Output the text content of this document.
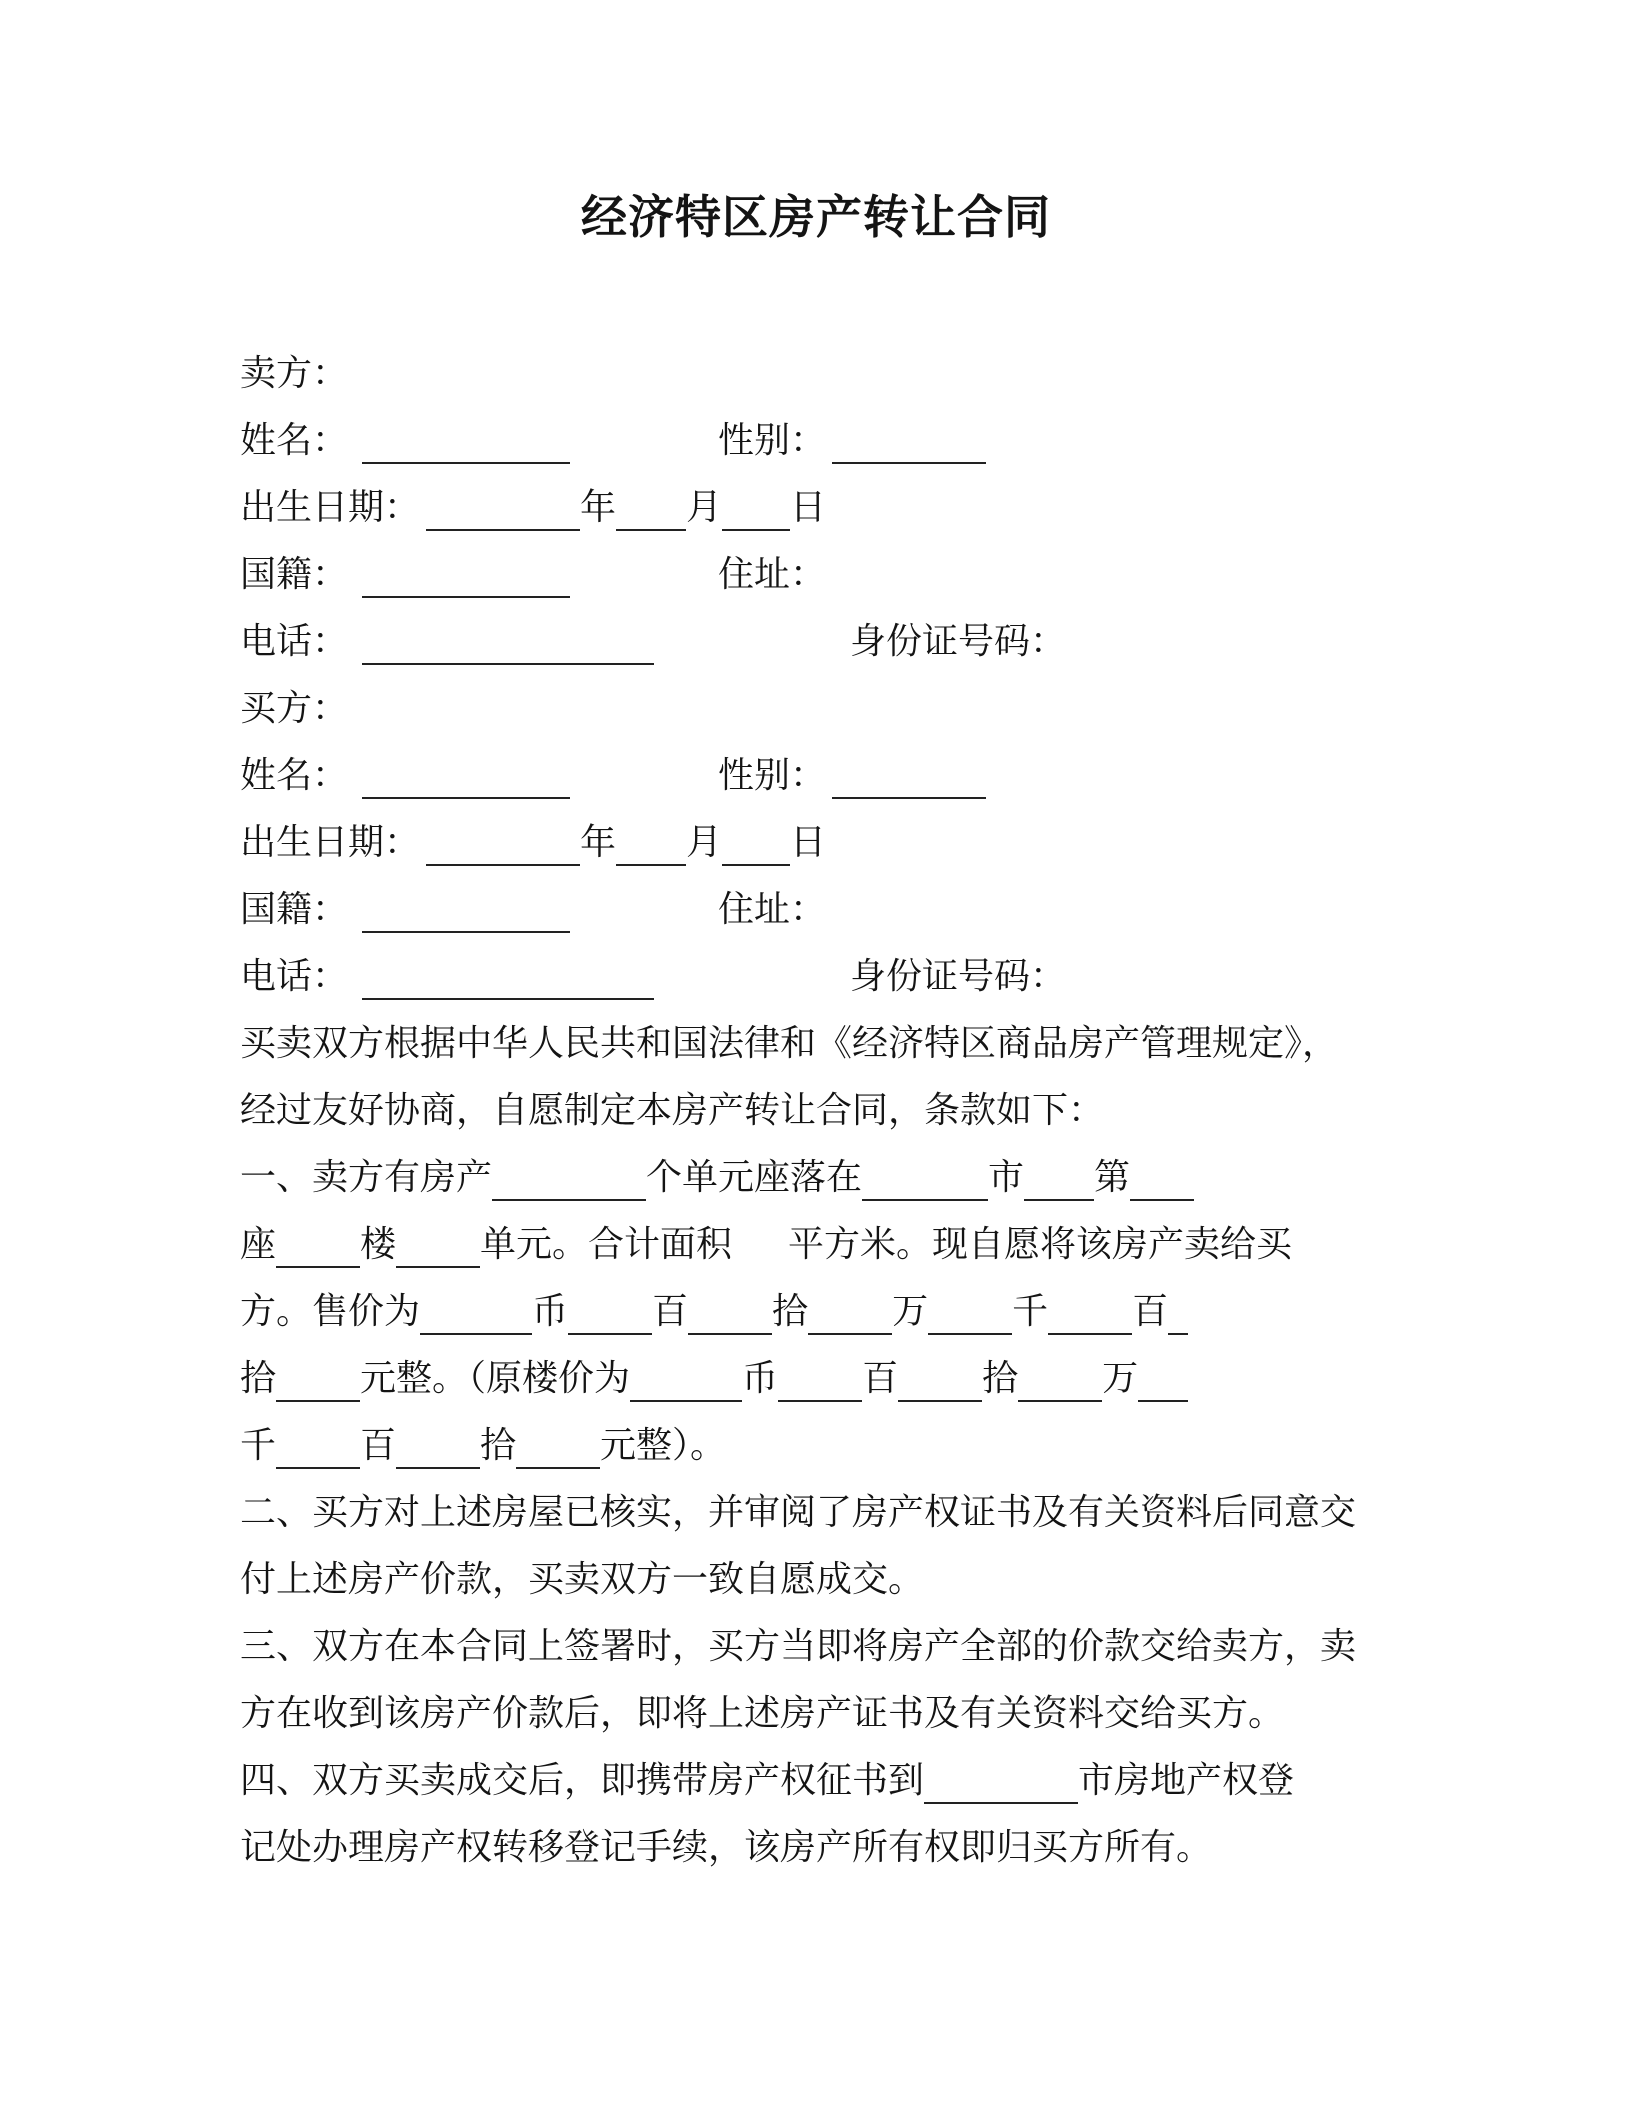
经济特区房产转让合同
卖方：
姓名：	性别：
出生日期：	年 月 日
国籍：	住址：
电话：	身份证号码：
买方：
姓名：	性别：
出生日期：	年 月 日
国籍：	住址：
电话：	身份证号码：
买卖双方根据中华人民共和国法律和《经济特区商品房产管理规定》，
经过友好协商，自愿制定本房产转让合同，条款如下：
一、卖方有房产	个单元座落在	市 第
座 楼 单元。合计面积 平方米。现自愿将该房产卖给买
方。售价为	币 百 拾 万 千 百
拾 元整。（原楼价为	币 百 拾 万
千 百 拾 元整）。
二、买方对上述房屋已核实，并审阅了房产权证书及有关资料后同意交
付上述房产价款，买卖双方一致自愿成交。
三、双方在本合同上签署时，买方当即将房产全部的价款交给卖方，卖
方在收到该房产价款后，即将上述房产证书及有关资料交给买方。
四、双方买卖成交后，即携带房产权征书到	市房地产权登
记处办理房产权转移登记手续，该房产所有权即归买方所有。
